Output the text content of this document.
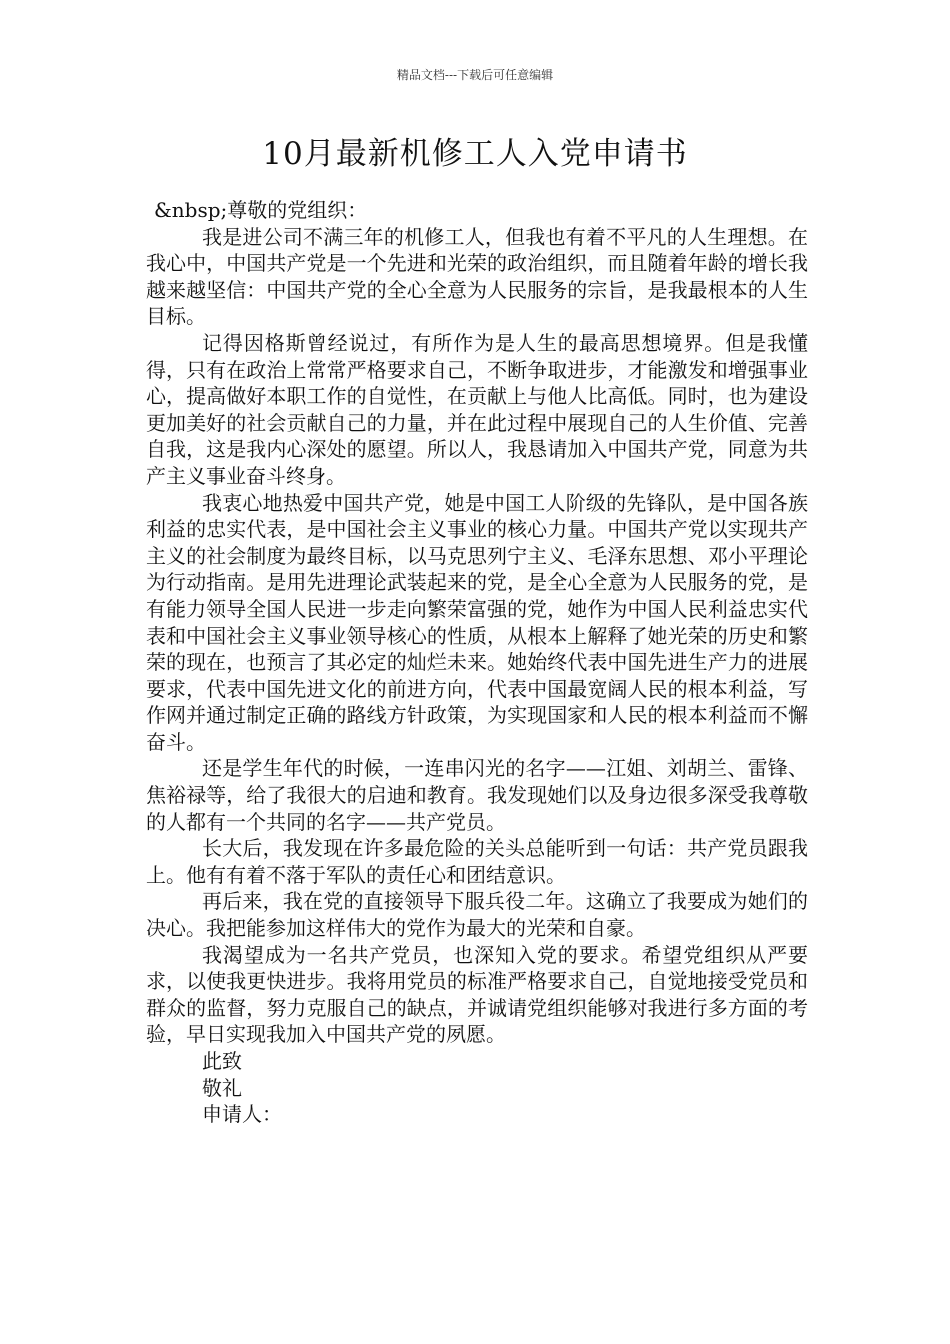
精品文档---下载后可任意编辑
10月最新机修工人入党申请书

&nbsp;尊敬的党组织：

我是进公司不满三年的机修工人，但我也有着不平凡的人生理想。在我心中，中国共产党是一个先进和光荣的政治组织，而且随着年龄的增长我越来越坚信：中国共产党的全心全意为人民服务的宗旨，是我最根本的人生目标。

记得因格斯曾经说过，有所作为是人生的最高思想境界。但是我懂得，只有在政治上常常严格要求自己，不断争取进步，才能激发和增强事业心，提高做好本职工作的自觉性，在贡献上与他人比高低。同时，也为建设更加美好的社会贡献自己的力量，并在此过程中展现自己的人生价值、完善自我，这是我内心深处的愿望。所以人，我恳请加入中国共产党，同意为共产主义事业奋斗终身。

我衷心地热爱中国共产党，她是中国工人阶级的先锋队，是中国各族利益的忠实代表，是中国社会主义事业的核心力量。中国共产党以实现共产主义的社会制度为最终目标，以马克思列宁主义、毛泽东思想、邓小平理论为行动指南。是用先进理论武装起来的党，是全心全意为人民服务的党，是有能力领导全国人民进一步走向繁荣富强的党，她作为中国人民利益忠实代表和中国社会主义事业领导核心的性质，从根本上解释了她光荣的历史和繁荣的现在，也预言了其必定的灿烂未来。她始终代表中国先进生产力的进展要求，代表中国先进文化的前进方向，代表中国最宽阔人民的根本利益，写作网并通过制定正确的路线方针政策，为实现国家和人民的根本利益而不懈奋斗。

还是学生年代的时候，一连串闪光的名字——江姐、刘胡兰、雷锋、焦裕禄等，给了我很大的启迪和教育。我发现她们以及身边很多深受我尊敬的人都有一个共同的名字——共产党员。

长大后，我发现在许多最危险的关头总能听到一句话：共产党员跟我上。他有有着不落于军队的责任心和团结意识。

再后来，我在党的直接领导下服兵役二年。这确立了我要成为她们的决心。我把能参加这样伟大的党作为最大的光荣和自豪。

我渴望成为一名共产党员，也深知入党的要求。希望党组织从严要求，以使我更快进步。我将用党员的标准严格要求自己，自觉地接受党员和群众的监督，努力克服自己的缺点，并诚请党组织能够对我进行多方面的考验，早日实现我加入中国共产党的夙愿。

此致

敬礼

申请人：
